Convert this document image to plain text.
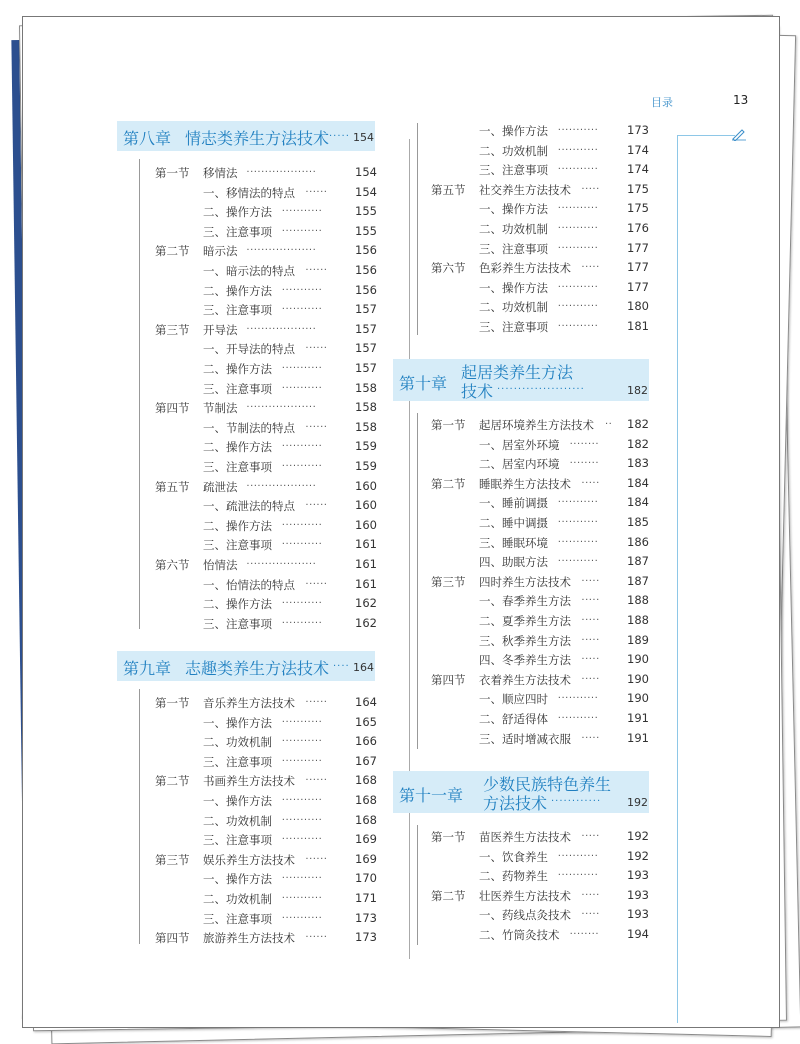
目录	13
第八章 情志类养生方法技术 ····· 154
第一节 移情法 ···················	154
一、移情法的特点 ······	154
二、操作方法 ···········	155
三、注意事项 ···········	155
第二节 暗示法 ···················	156
一、暗示法的特点 ······	156
二、操作方法 ···········	156
三、注意事项 ···········	157
第三节 开导法 ···················	157
一、开导法的特点 ······	157
二、操作方法 ···········	157
三、注意事项 ···········	158
第四节 节制法 ···················	158
一、节制法的特点 ······	158
二、操作方法 ···········	159
三、注意事项 ···········	159
第五节 疏泄法 ···················	160
一、疏泄法的特点 ······	160
二、操作方法 ···········	160
三、注意事项 ···········	161
第六节 怡情法 ···················	161
一、怡情法的特点 ······	161
二、操作方法 ···········	162
三、注意事项 ···········	162
第九章 志趣类养生方法技术 ···· 164
第一节 音乐养生方法技术 ······	164
一、操作方法 ···········	165
二、功效机制 ···········	166
三、注意事项 ···········	167
第二节 书画养生方法技术 ······	168
一、操作方法 ···········	168
二、功效机制 ···········	168
三、注意事项 ···········	169
第三节 娱乐养生方法技术 ······	169
一、操作方法 ···········	170
二、功效机制 ···········	171
三、注意事项 ···········	173
第四节 旅游养生方法技术 ······	173
一、操作方法 ···········	173
二、功效机制 ···········	174
三、注意事项 ···········	174
第五节 社交养生方法技术 ·····	175
一、操作方法 ···········	175
二、功效机制 ···········	176
三、注意事项 ···········	177
第六节 色彩养生方法技术 ·····	177
一、操作方法 ···········	177
二、功效机制 ···········	180
三、注意事项 ···········	181
第十章
起居类养生方法
技术 ·····················	182
第一节 起居环境养生方法技术 ··	182
一、居室外环境 ········	182
二、居室内环境 ········	183
第二节 睡眠养生方法技术 ·····	184
一、睡前调摄 ···········	184
二、睡中调摄 ···········	185
三、睡眠环境 ···········	186
四、助眠方法 ···········	187
第三节 四时养生方法技术 ·····	187
一、春季养生方法 ·····	188
二、夏季养生方法 ·····	188
三、秋季养生方法 ·····	189
四、冬季养生方法 ·····	190
第四节 衣着养生方法技术 ·····	190
一、顺应四时 ···········	190
二、舒适得体 ···········	191
三、适时增减衣服 ·····	191
第十一章
少数民族特色养生
方法技术 ············ 192
第一节 苗医养生方法技术 ·····	192
一、饮食养生 ···········	192
二、药物养生 ···········	193
第二节 壮医养生方法技术 ·····	193
一、药线点灸技术 ·····	193
二、竹筒灸技术 ········	194
